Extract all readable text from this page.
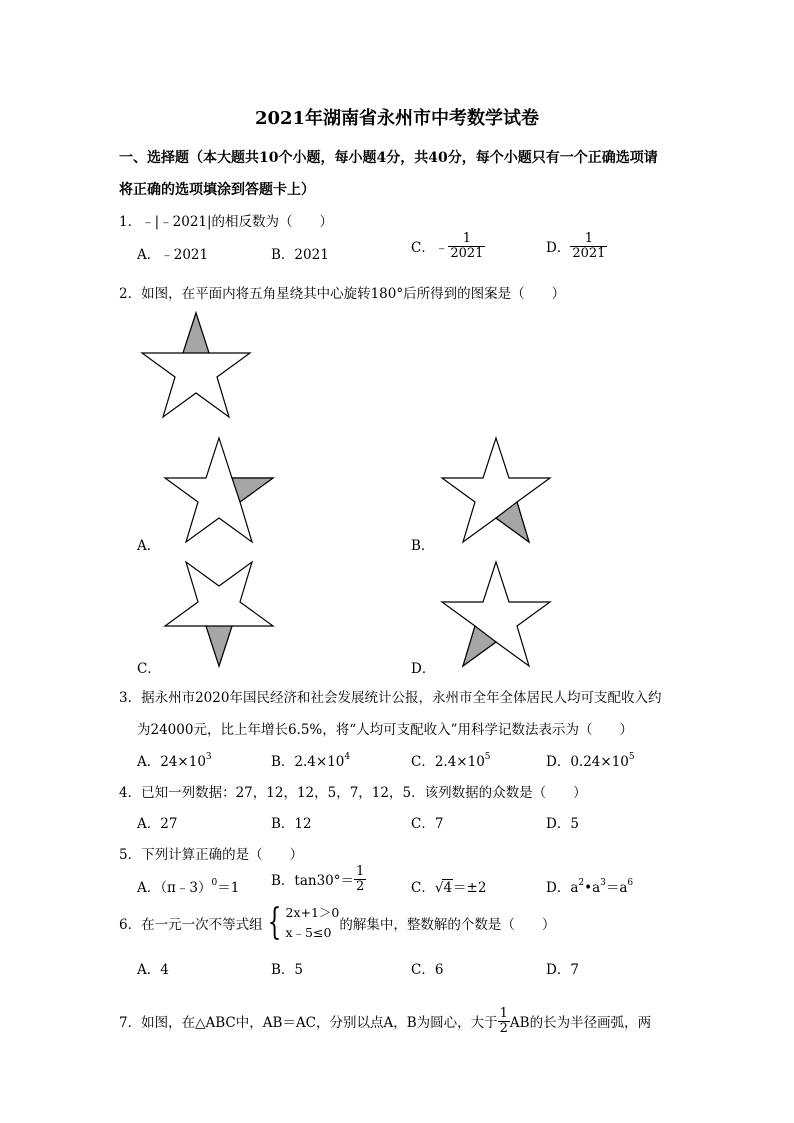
2021年湖南省永州市中考数学试卷
一、选择题（本大题共10个小题，每小题4分，共40分，每个小题只有一个正确选项请
将正确的选项填涂到答题卡上）
1．﹣|﹣2021|的相反数为（　　）
A．﹣2021	B．2021	C．﹣ $\frac{1}{2021}$	D． $\frac{1}{2021}$
2．如图，在平面内将五角星绕其中心旋转180°后所得到的图案是（　　）
A．	B．
C．	D．
3．据永州市2020年国民经济和社会发展统计公报，永州市全年全体居民人均可支配收入约
为24000元，比上年增长6.5%，将“人均可支配收入”用科学记数法表示为（　　）
A．$24\times 10^3$	B．$2.4\times 10^4$	C．$2.4\times 10^5$	D．$0.24\times 10^5$
4．已知一列数据：27，12，12，5，7，12，5．该列数据的众数是（　　）
A．27	B．12	C．7	D．5
5．下列计算正确的是（　　）
A．（π﹣3）$^0$＝1 B．$\tan 30^\circ= \frac{1}{2}$	C．√4＝±2	D．$a^2•a^3=a^6$
6．在一元一次不等式组 { 2x+1＞0
x﹣5≤0 的解集中，整数解的个数是（　　）
A．4	B．5	C．6	D．7
7．如图，在△ABC中，AB＝AC，分别以点A，B为圆心，大于 $\frac{1}{2}$ AB的长为半径画弧，两
